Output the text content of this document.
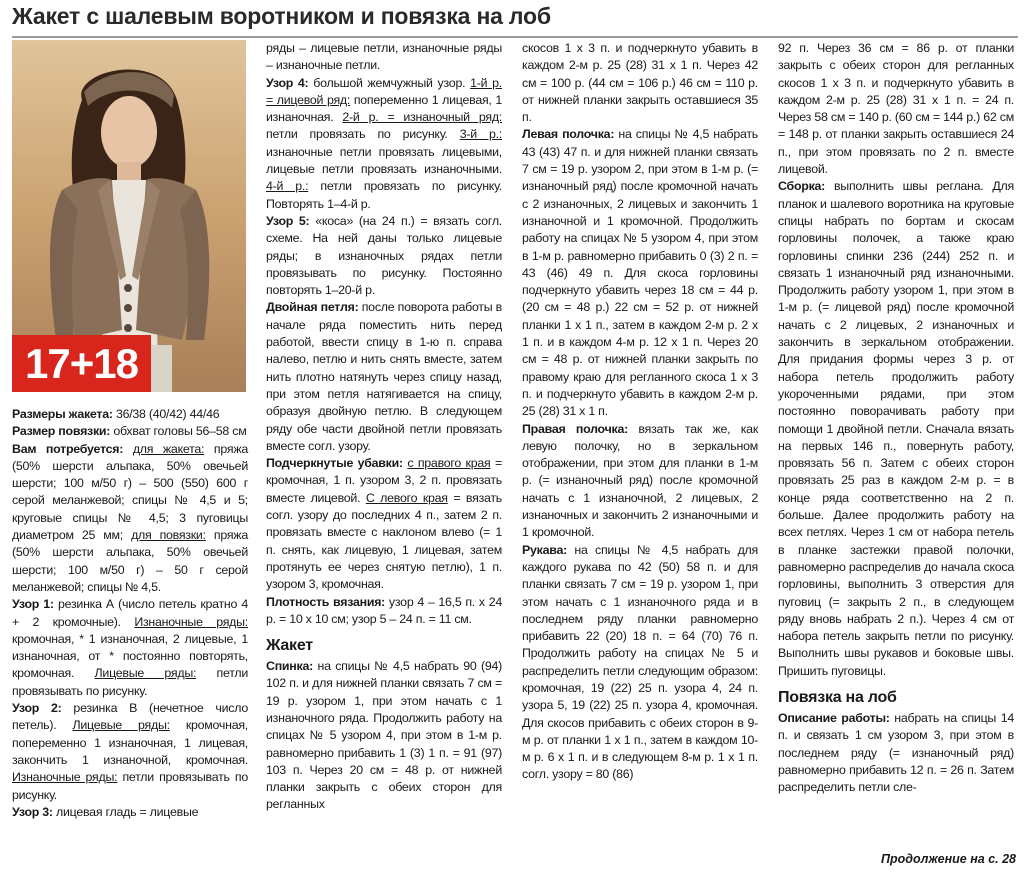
Жакет с шалевым воротником и повязка на лоб
17+18

Размеры жакета: 36/38 (40/42) 44/46

Размер повязки: обхват головы 56–58 см

Вам потребуется: для жакета: пряжа (50% шерсти альпака, 50% овечьей шерсти; 100 м/50 г) – 500 (550) 600 г серой меланжевой; спицы № 4,5 и 5; круговые спицы № 4,5; 3 пуговицы диаметром 25 мм; для повязки: пряжа (50% шерсти альпака, 50% овечьей шерсти; 100 м/50 г) – 50 г серой меланжевой; спицы № 4,5.

Узор 1: резинка А (число петель кратно 4 + 2 кромочные). Изнаночные ряды: кромочная, * 1 изнаночная, 2 лицевые, 1 изнаночная, от * постоянно повторять, кромочная. Лицевые ряды: петли провязывать по рисунку.

Узор 2: резинка В (нечетное число петель). Лицевые ряды: кромочная, попеременно 1 изнаночная, 1 лицевая, закончить 1 изнаночной, кромочная. Изнаночные ряды: петли провязывать по рисунку.

Узор 3: лицевая гладь = лицевые

ряды – лицевые петли, изнаночные ряды – изнаночные петли.

Узор 4: большой жемчужный узор. 1-й р. = лицевой ряд: попеременно 1 лицевая, 1 изнаночная. 2-й р. = изнаночный ряд: петли провязать по рисунку. 3-й р.: изнаночные петли провязать лицевыми, лицевые петли провязать изнаночными. 4-й р.: петли провязать по рисунку. Повторять 1–4-й р.

Узор 5: «коса» (на 24 п.) = вязать согл. схеме. На ней даны только лицевые ряды; в изнаночных рядах петли провязывать по рисунку. Постоянно повторять 1–20-й р.

Двойная петля: после поворота работы в начале ряда поместить нить перед работой, ввести спицу в 1-ю п. справа налево, петлю и нить снять вместе, затем нить плотно натянуть через спицу назад, при этом петля натягивается на спицу, образуя двойную петлю. В следующем ряду обе части двойной петли провязать вместе согл. узору.

Подчеркнутые убавки: с правого края = кромочная, 1 п. узором 3, 2 п. провязать вместе лицевой. С левого края = вязать согл. узору до последних 4 п., затем 2 п. провязать вместе с наклоном влево (= 1 п. снять, как лицевую, 1 лицевая, затем протянуть ее через снятую петлю), 1 п. узором 3, кромочная.

Плотность вязания: узор 4 – 16,5 п. х 24 р. = 10 х 10 см; узор 5 – 24 п. = 11 см.

Жакет

Спинка: на спицы № 4,5 набрать 90 (94) 102 п. и для нижней планки связать 7 см = 19 р. узором 1, при этом начать с 1 изнаночного ряда. Продолжить работу на спицах № 5 узором 4, при этом в 1-м р. равномерно прибавить 1 (3) 1 п. = 91 (97) 103 п. Через 20 см = 48 р. от нижней планки закрыть с обеих сторон для регланных

скосов 1 х 3 п. и подчеркнуто убавить в каждом 2-м р. 25 (28) 31 х 1 п. Через 42 см = 100 р. (44 см = 106 р.) 46 см = 110 р. от нижней планки закрыть оставшиеся 35 п.

Левая полочка: на спицы № 4,5 набрать 43 (43) 47 п. и для нижней планки связать 7 см = 19 р. узором 2, при этом в 1-м р. (= изнаночный ряд) после кромочной начать с 2 изнаночных, 2 лицевых и закончить 1 изнаночной и 1 кромочной. Продолжить работу на спицах № 5 узором 4, при этом в 1-м р. равномерно прибавить 0 (3) 2 п. = 43 (46) 49 п. Для скоса горловины подчеркнуто убавить через 18 см = 44 р. (20 см = 48 р.) 22 см = 52 р. от нижней планки 1 х 1 п., затем в каждом 2-м р. 2 х 1 п. и в каждом 4-м р. 12 х 1 п. Через 20 см = 48 р. от нижней планки закрыть по правому краю для регланного скоса 1 х 3 п. и подчеркнуто убавить в каждом 2-м р. 25 (28) 31 х 1 п.

Правая полочка: вязать так же, как левую полочку, но в зеркальном отображении, при этом для планки в 1-м р. (= изнаночный ряд) после кромочной начать с 1 изнаночной, 2 лицевых, 2 изнаночных и закончить 2 изнаночными и 1 кромочной.

Рукава: на спицы № 4,5 набрать для каждого рукава по 42 (50) 58 п. и для планки связать 7 см = 19 р. узором 1, при этом начать с 1 изнаночного ряда и в последнем ряду планки равномерно прибавить 22 (20) 18 п. = 64 (70) 76 п. Продолжить работу на спицах № 5 и распределить петли следующим образом: кромочная, 19 (22) 25 п. узора 4, 24 п. узора 5, 19 (22) 25 п. узора 4, кромочная. Для скосов прибавить с обеих сторон в 9-м р. от планки 1 х 1 п., затем в каждом 10-м р. 6 х 1 п. и в следующем 8-м р. 1 х 1 п. согл. узору = 80 (86)

92 п. Через 36 см = 86 р. от планки закрыть с обеих сторон для регланных скосов 1 х 3 п. и подчеркнуто убавить в каждом 2-м р. 25 (28) 31 х 1 п. = 24 п. Через 58 см = 140 р. (60 см = 144 р.) 62 см = 148 р. от планки закрыть оставшиеся 24 п., при этом провязать по 2 п. вместе лицевой.

Сборка: выполнить швы реглана. Для планок и шалевого воротника на круговые спицы набрать по бортам и скосам горловины полочек, а также краю горловины спинки 236 (244) 252 п. и связать 1 изнаночный ряд изнаночными. Продолжить работу узором 1, при этом в 1-м р. (= лицевой ряд) после кромочной начать с 2 лицевых, 2 изнаночных и закончить в зеркальном отображении. Для придания формы через 3 р. от набора петель продолжить работу укороченными рядами, при этом постоянно поворачивать работу при помощи 1 двойной петли. Сначала вязать на первых 146 п., повернуть работу, провязать 56 п. Затем с обеих сторон провязать 25 раз в каждом 2-м р. = в конце ряда соответственно на 2 п. больше. Далее продолжить работу на всех петлях. Через 1 см от набора петель в планке застежки правой полочки, равномерно распределив до начала скоса горловины, выполнить 3 отверстия для пуговиц (= закрыть 2 п., в следующем ряду вновь набрать 2 п.). Через 4 см от набора петель закрыть петли по рисунку. Выполнить швы рукавов и боковые швы. Пришить пуговицы.

Повязка на лоб

Описание работы: набрать на спицы 14 п. и связать 1 см узором 3, при этом в последнем ряду (= изнаночный ряд) равномерно прибавить 12 п. = 26 п. Затем распределить петли сле-

Продолжение на с. 28
